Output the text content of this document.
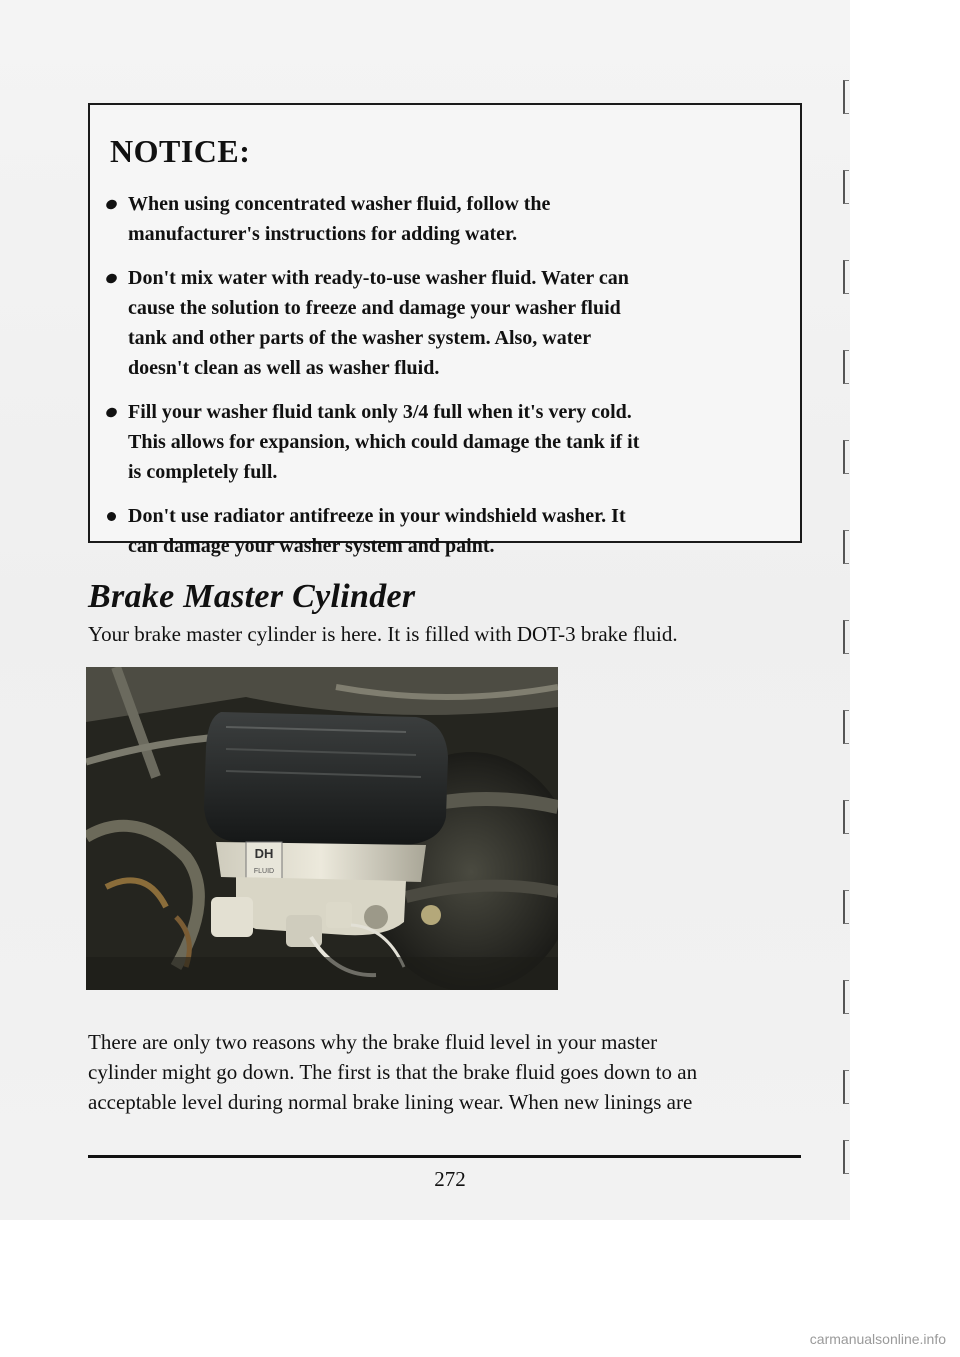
NOTICE:
When using concentrated washer fluid, follow the
manufacturer's instructions for adding water.
Don't mix water with ready-to-use washer fluid. Water can
cause the solution to freeze and damage your washer fluid
tank and other parts of the washer system. Also, water
doesn't clean as well as washer fluid.
Fill your washer fluid tank only 3/4 full when it's very cold.
This allows for expansion, which could damage the tank if it
is completely full.
Don't use radiator antifreeze in your windshield washer. It
can damage your washer system and paint.
Brake Master Cylinder
Your brake master cylinder is here. It is filled with DOT-3 brake fluid.
DH
FLUID
There are only two reasons why the brake fluid level in your master
cylinder might go down. The first is that the brake fluid goes down to an
acceptable level during normal brake lining wear. When new linings are
272
carmanualsonline.info
